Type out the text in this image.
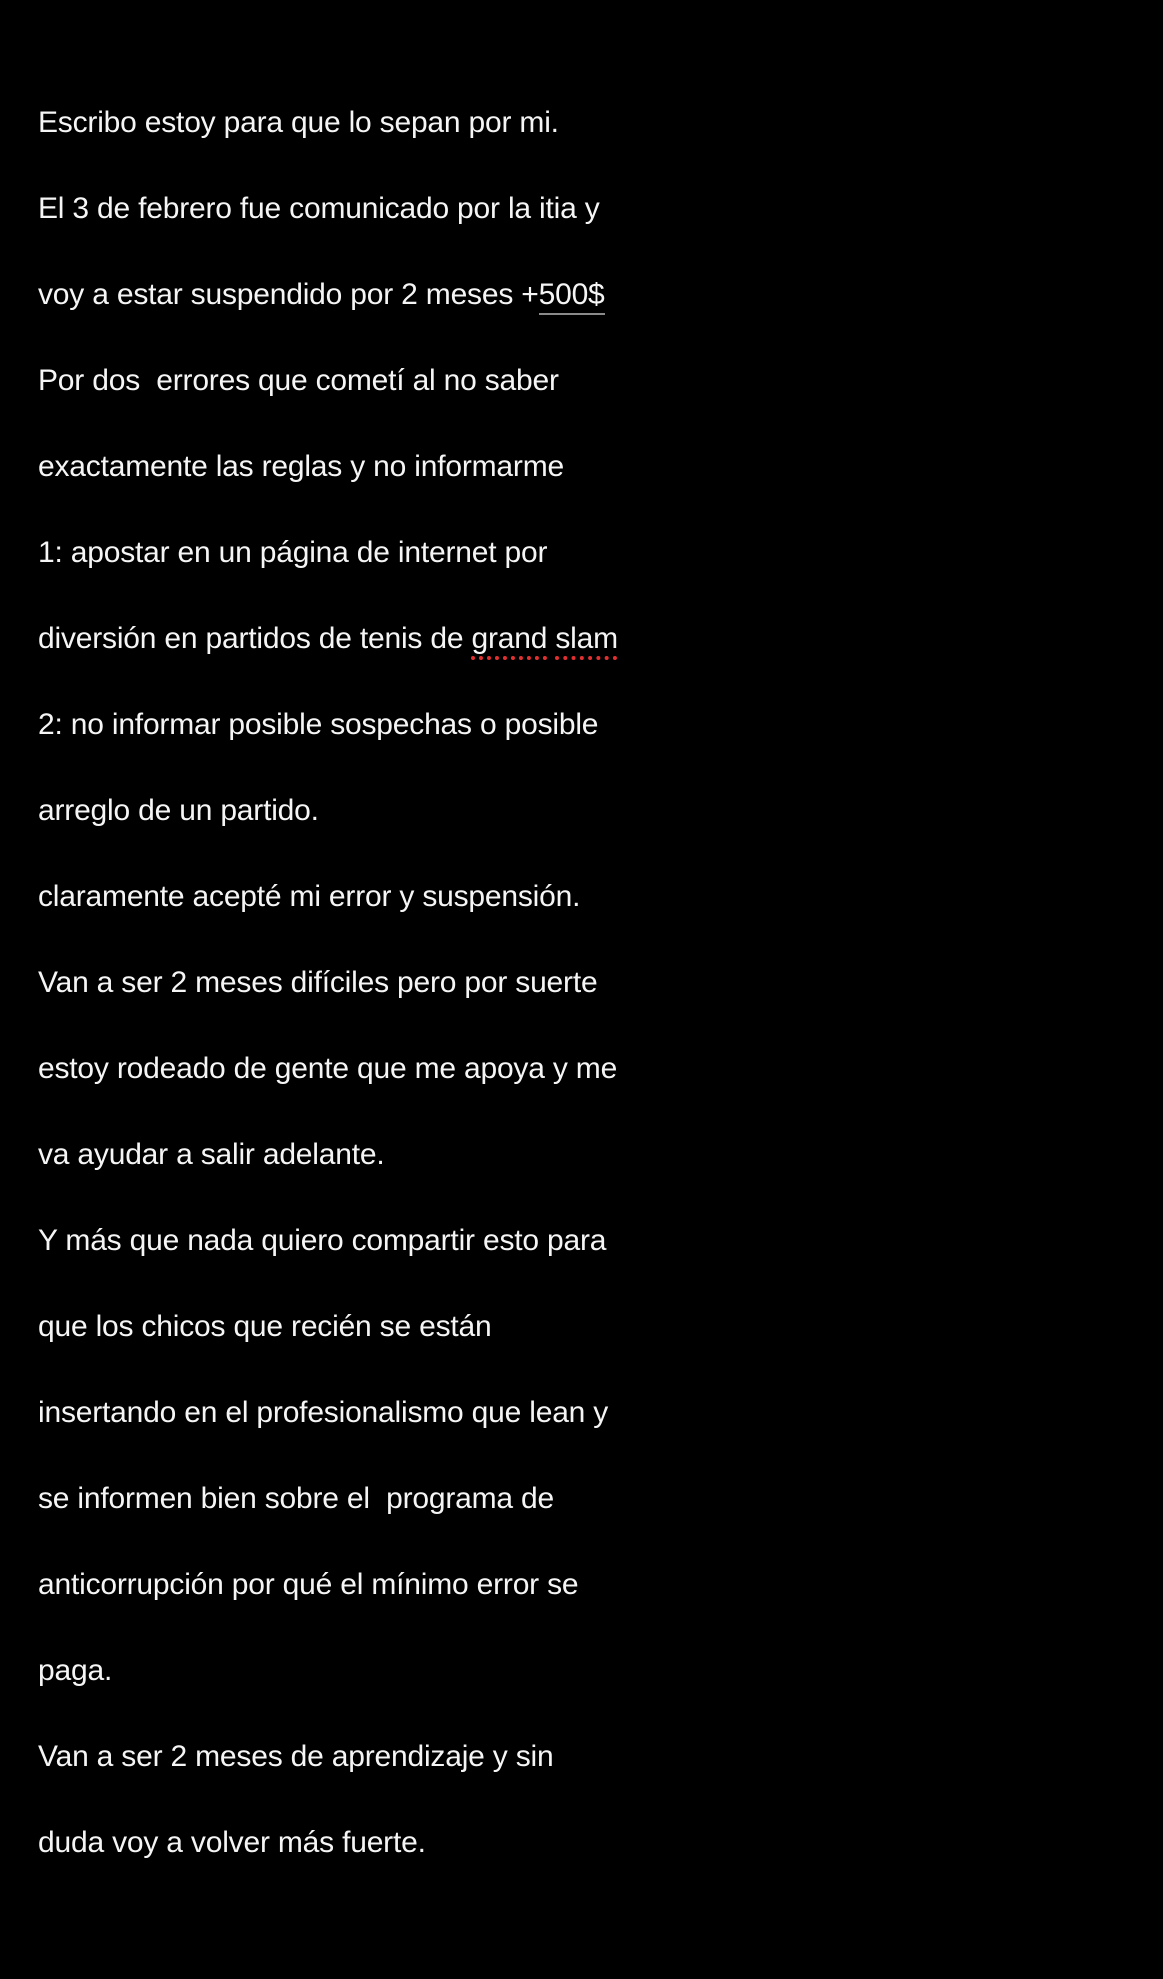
Escribo estoy para que lo sepan por mi.
El 3 de febrero fue comunicado por la itia y
voy a estar suspendido por 2 meses +500$
Por dos  errores que cometí al no saber
exactamente las reglas y no informarme
1: apostar en un página de internet por
diversión en partidos de tenis de grand slam
2: no informar posible sospechas o posible
arreglo de un partido.
claramente acepté mi error y suspensión.
Van a ser 2 meses difíciles pero por suerte
estoy rodeado de gente que me apoya y me
va ayudar a salir adelante.
Y más que nada quiero compartir esto para
que los chicos que recién se están
insertando en el profesionalismo que lean y
se informen bien sobre el  programa de
anticorrupción por qué el mínimo error se
paga.
Van a ser 2 meses de aprendizaje y sin
duda voy a volver más fuerte.
